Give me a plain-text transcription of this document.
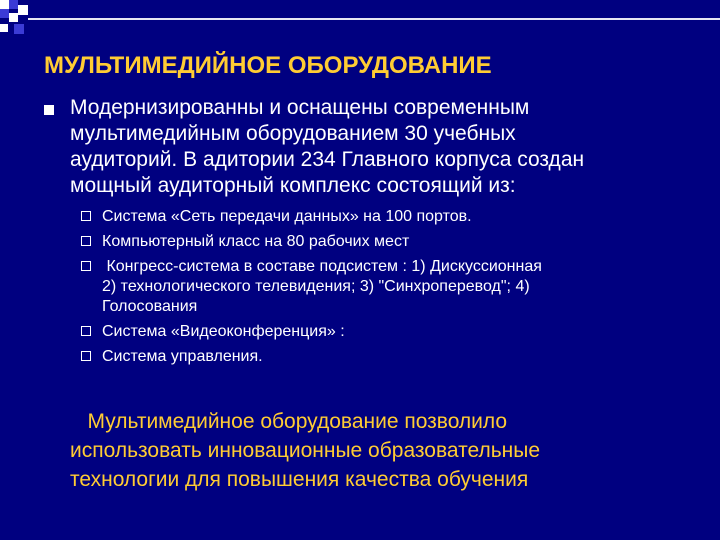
МУЛЬТИМЕДИЙНОЕ ОБОРУДОВАНИЕ
Модернизированны и оснащены современным
мультимедийным оборудованием 30 учебных
аудиторий. В адитории 234 Главного корпуса создан
мощный аудиторный комплекс состоящий из:
Система «Сеть передачи данных» на 100 портов.
Компьютерный класс на 80 рабочих мест
Конгресс-система в составе подсистем : 1) Дискуссионная
2) технологического телевидения; 3) "Синхроперевод"; 4)
Голосования
Система «Видеоконференция» :
Система управления.
Мультимедийное оборудование позволило
использовать инновационные образовательные
технологии для повышения качества обучения
